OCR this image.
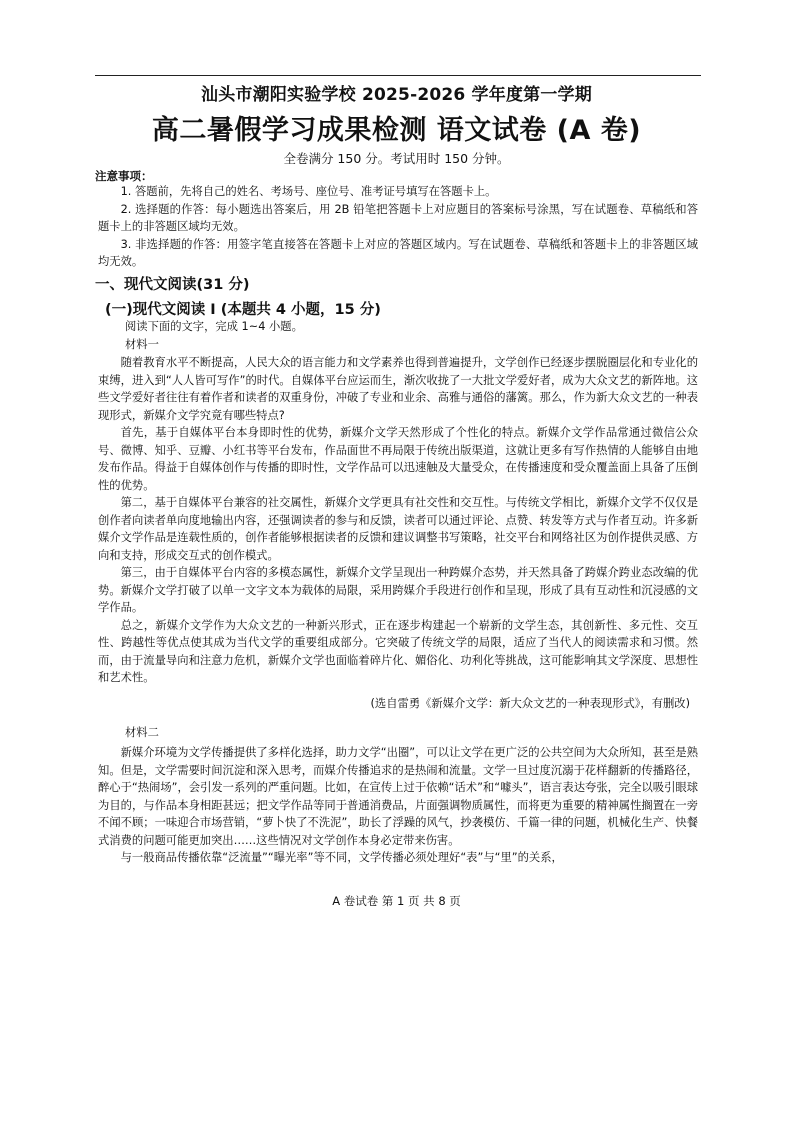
汕头市潮阳实验学校 2025-2026 学年度第一学期
高二暑假学习成果检测 语文试卷 (A 卷)
全卷满分 150 分。考试用时 150 分钟。
注意事项：

1. 答题前，先将自己的姓名、考场号、座位号、准考证号填写在答题卡上。

2. 选择题的作答：每小题选出答案后，用 2B 铅笔把答题卡上对应题目的答案标号涂黑，写在试题卷、草稿纸和答题卡上的非答题区域均无效。

3. 非选择题的作答：用签字笔直接答在答题卡上对应的答题区域内。写在试题卷、草稿纸和答题卡上的非答题区域均无效。

一、现代文阅读(31 分)
(一)现代文阅读 I (本题共 4 小题，15 分)
阅读下面的文字，完成 1~4 小题。
材料一

随着教育水平不断提高，人民大众的语言能力和文学素养也得到普遍提升，文学创作已经逐步摆脱圈层化和专业化的束缚，进入到“人人皆可写作”的时代。自媒体平台应运而生，渐次收拢了一大批文学爱好者，成为大众文艺的新阵地。这些文学爱好者往往有着作者和读者的双重身份，冲破了专业和业余、高雅与通俗的藩篱。那么，作为新大众文艺的一种表现形式，新媒介文学究竟有哪些特点?

首先，基于自媒体平台本身即时性的优势，新媒介文学天然形成了个性化的特点。新媒介文学作品常通过微信公众号、微博、知乎、豆瓣、小红书等平台发布，作品面世不再局限于传统出版渠道，这就让更多有写作热情的人能够自由地发布作品。得益于自媒体创作与传播的即时性，文学作品可以迅速触及大量受众，在传播速度和受众覆盖面上具备了压倒性的优势。

第二，基于自媒体平台兼容的社交属性，新媒介文学更具有社交性和交互性。与传统文学相比，新媒介文学不仅仅是创作者向读者单向度地输出内容，还强调读者的参与和反馈，读者可以通过评论、点赞、转发等方式与作者互动。许多新媒介文学作品是连载性质的，创作者能够根据读者的反馈和建议调整书写策略，社交平台和网络社区为创作提供灵感、方向和支持，形成交互式的创作模式。

第三，由于自媒体平台内容的多模态属性，新媒介文学呈现出一种跨媒介态势，并天然具备了跨媒介跨业态改编的优势。新媒介文学打破了以单一文字文本为载体的局限，采用跨媒介手段进行创作和呈现，形成了具有互动性和沉浸感的文学作品。

总之，新媒介文学作为大众文艺的一种新兴形式，正在逐步构建起一个崭新的文学生态，其创新性、多元性、交互性、跨越性等优点使其成为当代文学的重要组成部分。它突破了传统文学的局限，适应了当代人的阅读需求和习惯。然而，由于流量导向和注意力危机，新媒介文学也面临着碎片化、媚俗化、功利化等挑战，这可能影响其文学深度、思想性和艺术性。

(选自雷勇《新媒介文学：新大众文艺的一种表现形式》，有删改)
材料二

新媒介环境为文学传播提供了多样化选择，助力文学“出圈”，可以让文学在更广泛的公共空间为大众所知，甚至是熟知。但是，文学需要时间沉淀和深入思考，而媒介传播追求的是热闹和流量。文学一旦过度沉溺于花样翻新的传播路径，醉心于“热闹场”，会引发一系列的严重问题。比如，在宣传上过于依赖“话术”和“噱头”，语言表达夸张，完全以吸引眼球为目的，与作品本身相距甚远；把文学作品等同于普通消费品，片面强调物质属性，而将更为重要的精神属性搁置在一旁不闻不顾；一味迎合市场营销，“萝卜快了不洗泥”，助长了浮躁的风气，抄袭模仿、千篇一律的问题，机械化生产、快餐式消费的问题可能更加突出……这些情况对文学创作本身必定带来伤害。

与一般商品传播依靠“泛流量”“曝光率”等不同，文学传播必须处理好“表”与“里”的关系，

A 卷试卷 第 1 页 共 8 页
